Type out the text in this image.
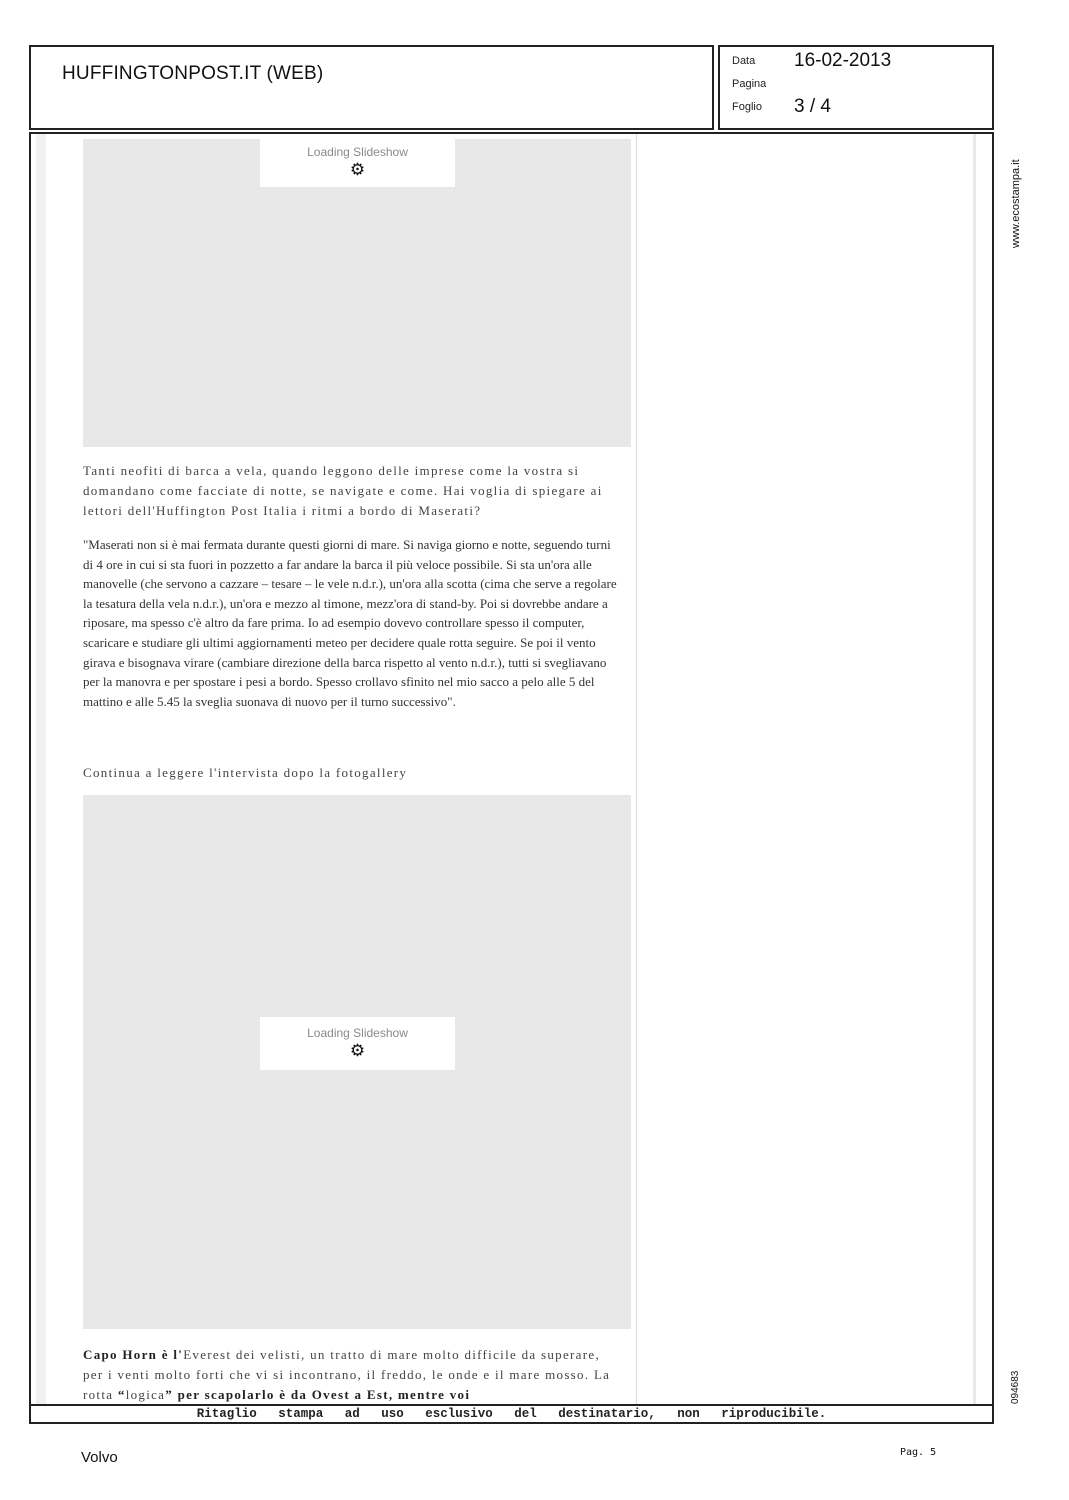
HUFFINGTONPOST.IT (WEB)
Data 16-02-2013
Pagina
Foglio 3 / 4
Loading Slideshow
⚙
Tanti neofiti di barca a vela, quando leggono delle imprese come la vostra si domandano come facciate di notte, se navigate e come. Hai voglia di spiegare ai lettori dell'Huffington Post Italia i ritmi a bordo di Maserati?
"Maserati non si è mai fermata durante questi giorni di mare. Si naviga giorno e notte, seguendo turni di 4 ore in cui si sta fuori in pozzetto a far andare la barca il più veloce possibile. Si sta un'ora alle manovelle (che servono a cazzare – tesare – le vele n.d.r.), un'ora alla scotta (cima che serve a regolare la tesatura della vela n.d.r.), un'ora e mezzo al timone, mezz'ora di stand-by. Poi si dovrebbe andare a riposare, ma spesso c'è altro da fare prima. Io ad esempio dovevo controllare spesso il computer, scaricare e studiare gli ultimi aggiornamenti meteo per decidere quale rotta seguire. Se poi il vento girava e bisognava virare (cambiare direzione della barca rispetto al vento n.d.r.), tutti si svegliavano per la manovra e per spostare i pesi a bordo. Spesso crollavo sfinito nel mio sacco a pelo alle 5 del mattino e alle 5.45 la sveglia suonava di nuovo per il turno successivo".
Continua a leggere l'intervista dopo la fotogallery
Loading Slideshow
⚙
Capo Horn è l'Everest dei velisti, un tratto di mare molto difficile da superare, per i venti molto forti che vi si incontrano, il freddo, le onde e il mare mosso. La rotta “logica” per scapolarlo è da Ovest a Est, mentre voi
Ritaglio stampa ad uso esclusivo del destinatario, non riproducibile.
www.ecostampa.it
094683
Volvo	Pag. 5
